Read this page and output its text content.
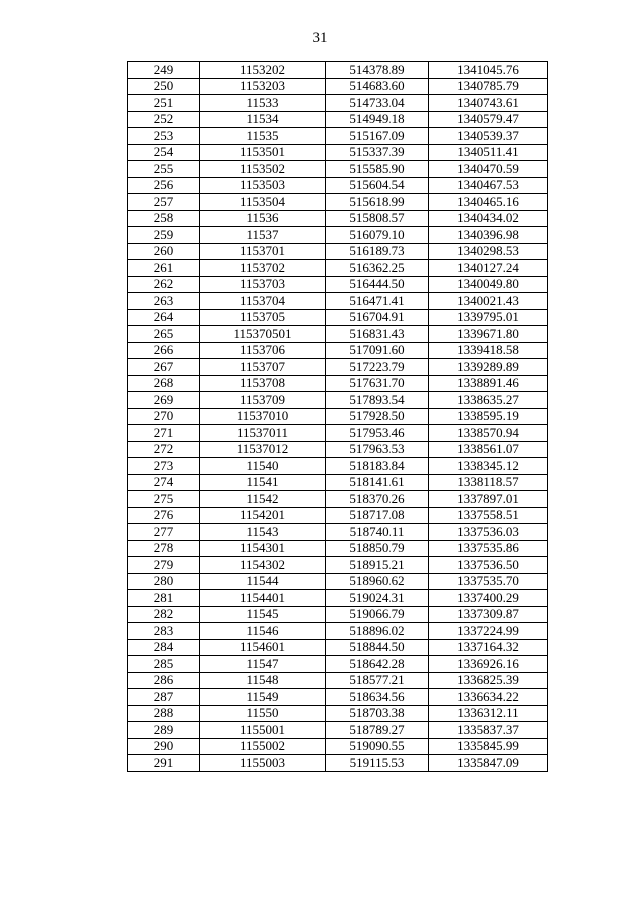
31
249	1153202	514378.89	1341045.76
250	1153203	514683.60	1340785.79
251	11533	514733.04	1340743.61
252	11534	514949.18	1340579.47
253	11535	515167.09	1340539.37
254	1153501	515337.39	1340511.41
255	1153502	515585.90	1340470.59
256	1153503	515604.54	1340467.53
257	1153504	515618.99	1340465.16
258	11536	515808.57	1340434.02
259	11537	516079.10	1340396.98
260	1153701	516189.73	1340298.53
261	1153702	516362.25	1340127.24
262	1153703	516444.50	1340049.80
263	1153704	516471.41	1340021.43
264	1153705	516704.91	1339795.01
265	115370501	516831.43	1339671.80
266	1153706	517091.60	1339418.58
267	1153707	517223.79	1339289.89
268	1153708	517631.70	1338891.46
269	1153709	517893.54	1338635.27
270	11537010	517928.50	1338595.19
271	11537011	517953.46	1338570.94
272	11537012	517963.53	1338561.07
273	11540	518183.84	1338345.12
274	11541	518141.61	1338118.57
275	11542	518370.26	1337897.01
276	1154201	518717.08	1337558.51
277	11543	518740.11	1337536.03
278	1154301	518850.79	1337535.86
279	1154302	518915.21	1337536.50
280	11544	518960.62	1337535.70
281	1154401	519024.31	1337400.29
282	11545	519066.79	1337309.87
283	11546	518896.02	1337224.99
284	1154601	518844.50	1337164.32
285	11547	518642.28	1336926.16
286	11548	518577.21	1336825.39
287	11549	518634.56	1336634.22
288	11550	518703.38	1336312.11
289	1155001	518789.27	1335837.37
290	1155002	519090.55	1335845.99
291	1155003	519115.53	1335847.09
